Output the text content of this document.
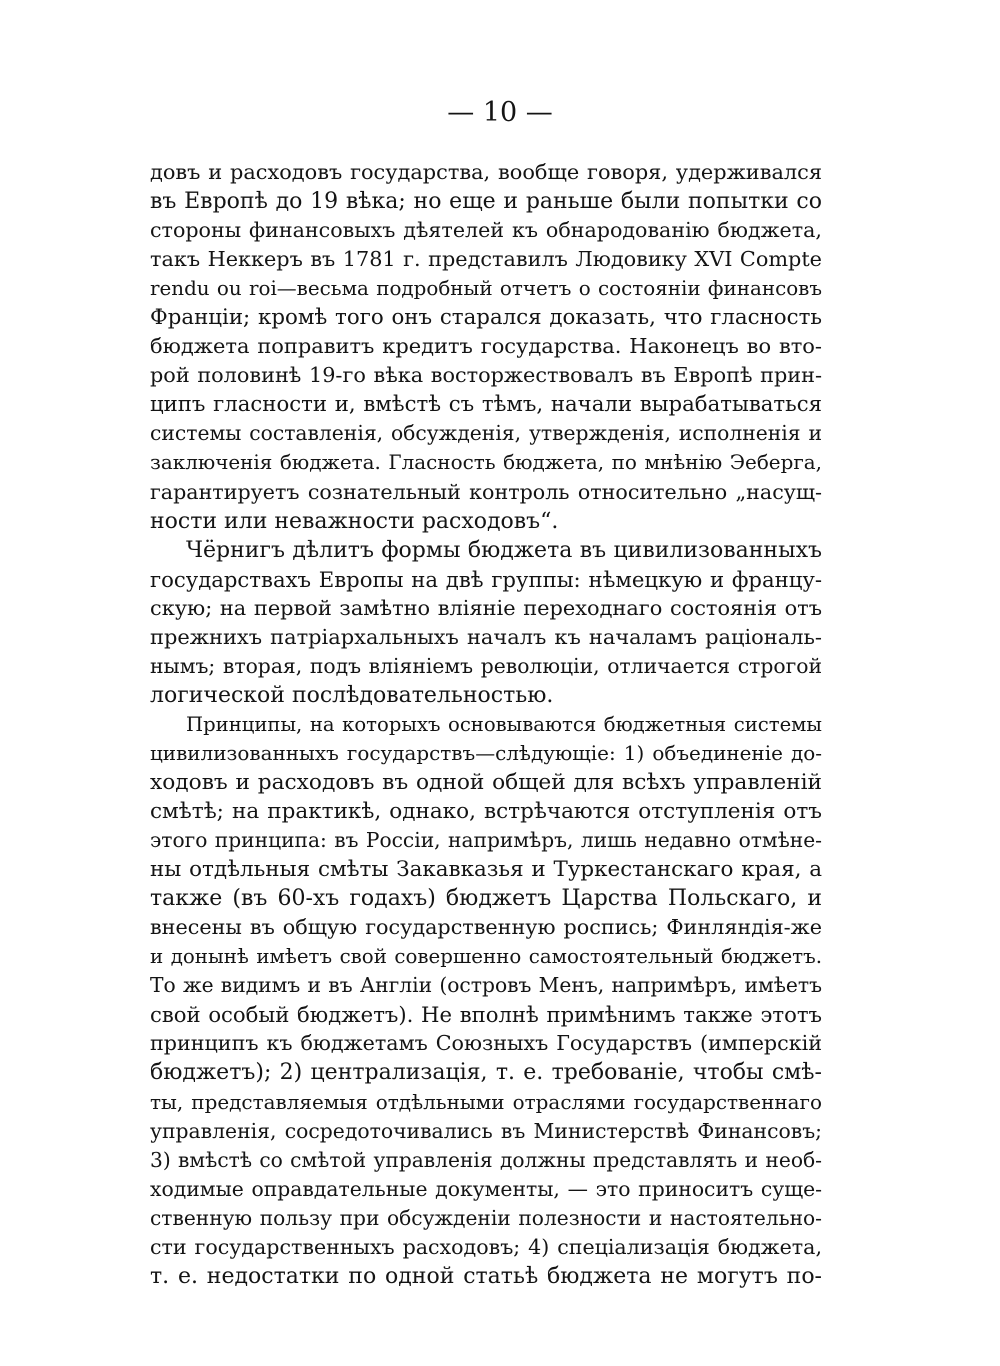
— 10 —
довъ и расходовъ государства, вообще говоря, удерживался
въ Европѣ до 19 вѣка; но еще и раньше были попытки со
стороны финансовыхъ дѣятелей къ обнародованію бюджета,
такъ Неккеръ въ 1781 г. представилъ Людовику XVI Compte
rendu ou roi—весьма подробный отчетъ о состояніи финансовъ
Франціи; кромѣ того онъ старался доказать, что гласность
бюджета поправитъ кредитъ государства. Наконецъ во вто-
рой половинѣ 19-го вѣка восторжествовалъ въ Европѣ прин-
ципъ гласности и, вмѣстѣ съ тѣмъ, начали вырабатываться
системы составленія, обсужденія, утвержденія, исполненія и
заключенія бюджета. Гласность бюджета, по мнѣнію Эеберга,
гарантируетъ сознательный контроль относительно „насущ-
ности или неважности расходовъ“.
Чёрнигъ дѣлитъ формы бюджета въ цивилизованныхъ
государствахъ Европы на двѣ группы: нѣмецкую и францу-
скую; на первой замѣтно вліяніе переходнаго состоянія отъ
прежнихъ патріархальныхъ началъ къ началамъ раціональ-
нымъ; вторая, подъ вліяніемъ революціи, отличается строгой
логической послѣдовательностью.
Принципы, на которыхъ основываются бюджетныя системы
цивилизованныхъ государствъ—слѣдующіе: 1) объединеніе до-
ходовъ и расходовъ въ одной общей для всѣхъ управленій
смѣтѣ; на практикѣ, однако, встрѣчаются отступленія отъ
этого принципа: въ Россіи, напримѣръ, лишь недавно отмѣне-
ны отдѣльныя смѣты Закавказья и Туркестанскаго края, а
также (въ 60-хъ годахъ) бюджетъ Царства Польскаго, и
внесены въ общую государственную роспись; Финляндія-же
и донынѣ имѣетъ свой совершенно самостоятельный бюджетъ.
То же видимъ и въ Англіи (островъ Менъ, напримѣръ, имѣетъ
свой особый бюджетъ). Не вполнѣ примѣнимъ также этотъ
принципъ къ бюджетамъ Союзныхъ Государствъ (имперскій
бюджетъ); 2) централизація, т. е. требованіе, чтобы смѣ-
ты, представляемыя отдѣльными отраслями государственнаго
управленія, сосредоточивались въ Министерствѣ Финансовъ;
3) вмѣстѣ со смѣтой управленія должны представлять и необ-
ходимые оправдательные документы, — это приноситъ суще-
ственную пользу при обсужденіи полезности и настоятельно-
сти государственныхъ расходовъ; 4) спеціализація бюджета,
т. е. недостатки по одной статьѣ бюджета не могутъ по-
